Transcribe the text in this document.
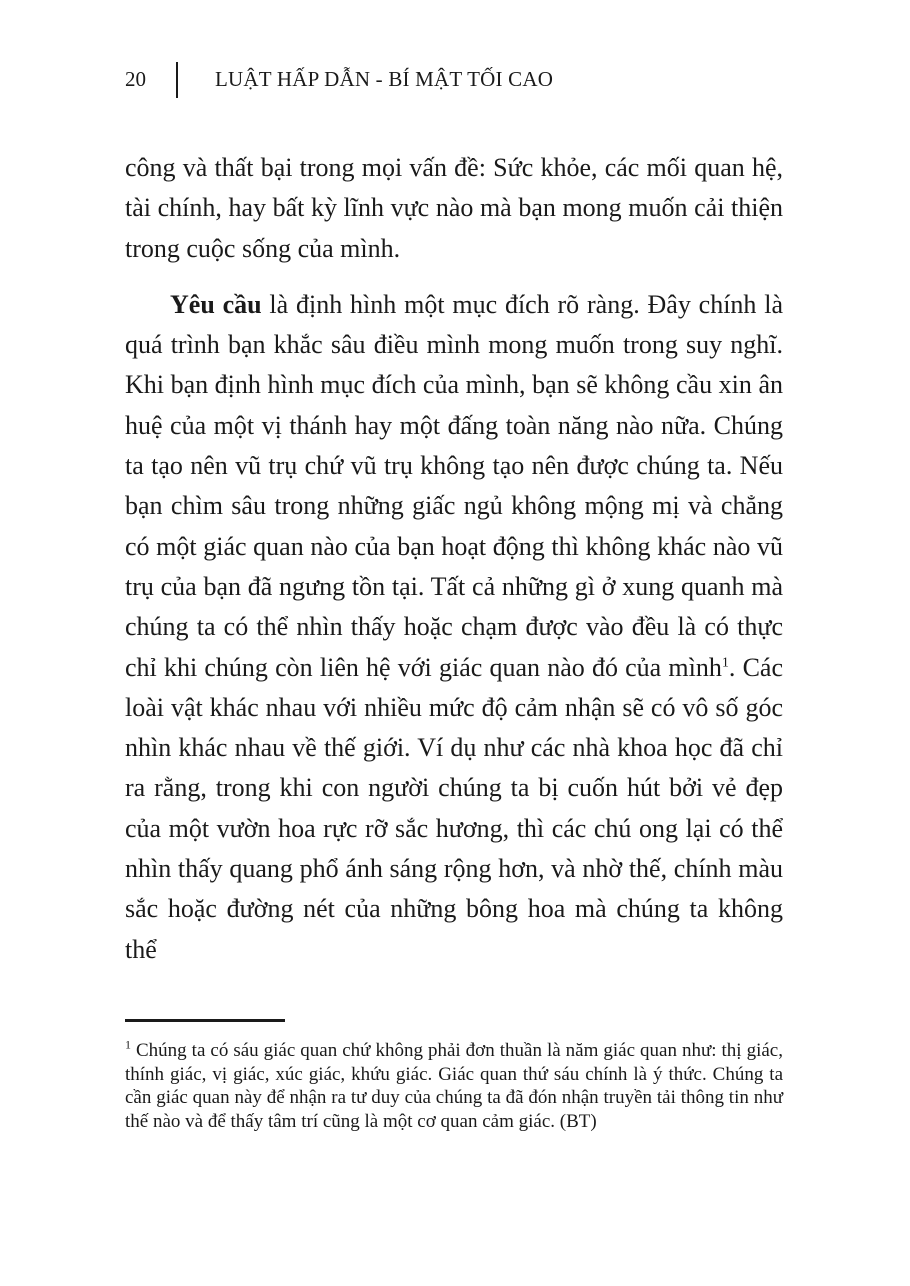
20	LUẬT HẤP DẪN - BÍ MẬT TỐI CAO

công và thất bại trong mọi vấn đề: Sức khỏe, các mối quan hệ, tài chính, hay bất kỳ lĩnh vực nào mà bạn mong muốn cải thiện trong cuộc sống của mình.

Yêu cầu là định hình một mục đích rõ ràng. Đây chính là quá trình bạn khắc sâu điều mình mong muốn trong suy nghĩ. Khi bạn định hình mục đích của mình, bạn sẽ không cầu xin ân huệ của một vị thánh hay một đấng toàn năng nào nữa. Chúng ta tạo nên vũ trụ chứ vũ trụ không tạo nên được chúng ta. Nếu bạn chìm sâu trong những giấc ngủ không mộng mị và chẳng có một giác quan nào của bạn hoạt động thì không khác nào vũ trụ của bạn đã ngưng tồn tại. Tất cả những gì ở xung quanh mà chúng ta có thể nhìn thấy hoặc chạm được vào đều là có thực chỉ khi chúng còn liên hệ với giác quan nào đó của mình$^1$. Các loài vật khác nhau với nhiều mức độ cảm nhận sẽ có vô số góc nhìn khác nhau về thế giới. Ví dụ như các nhà khoa học đã chỉ ra rằng, trong khi con người chúng ta bị cuốn hút bởi vẻ đẹp của một vườn hoa rực rỡ sắc hương, thì các chú ong lại có thể nhìn thấy quang phổ ánh sáng rộng hơn, và nhờ thế, chính màu sắc hoặc đường nét của những bông hoa mà chúng ta không thể

$^1$ Chúng ta có sáu giác quan chứ không phải đơn thuần là năm giác quan như: thị giác, thính giác, vị giác, xúc giác, khứu giác. Giác quan thứ sáu chính là ý thức. Chúng ta cần giác quan này để nhận ra tư duy của chúng ta đã đón nhận truyền tải thông tin như thế nào và để thấy tâm trí cũng là một cơ quan cảm giác. (BT)
